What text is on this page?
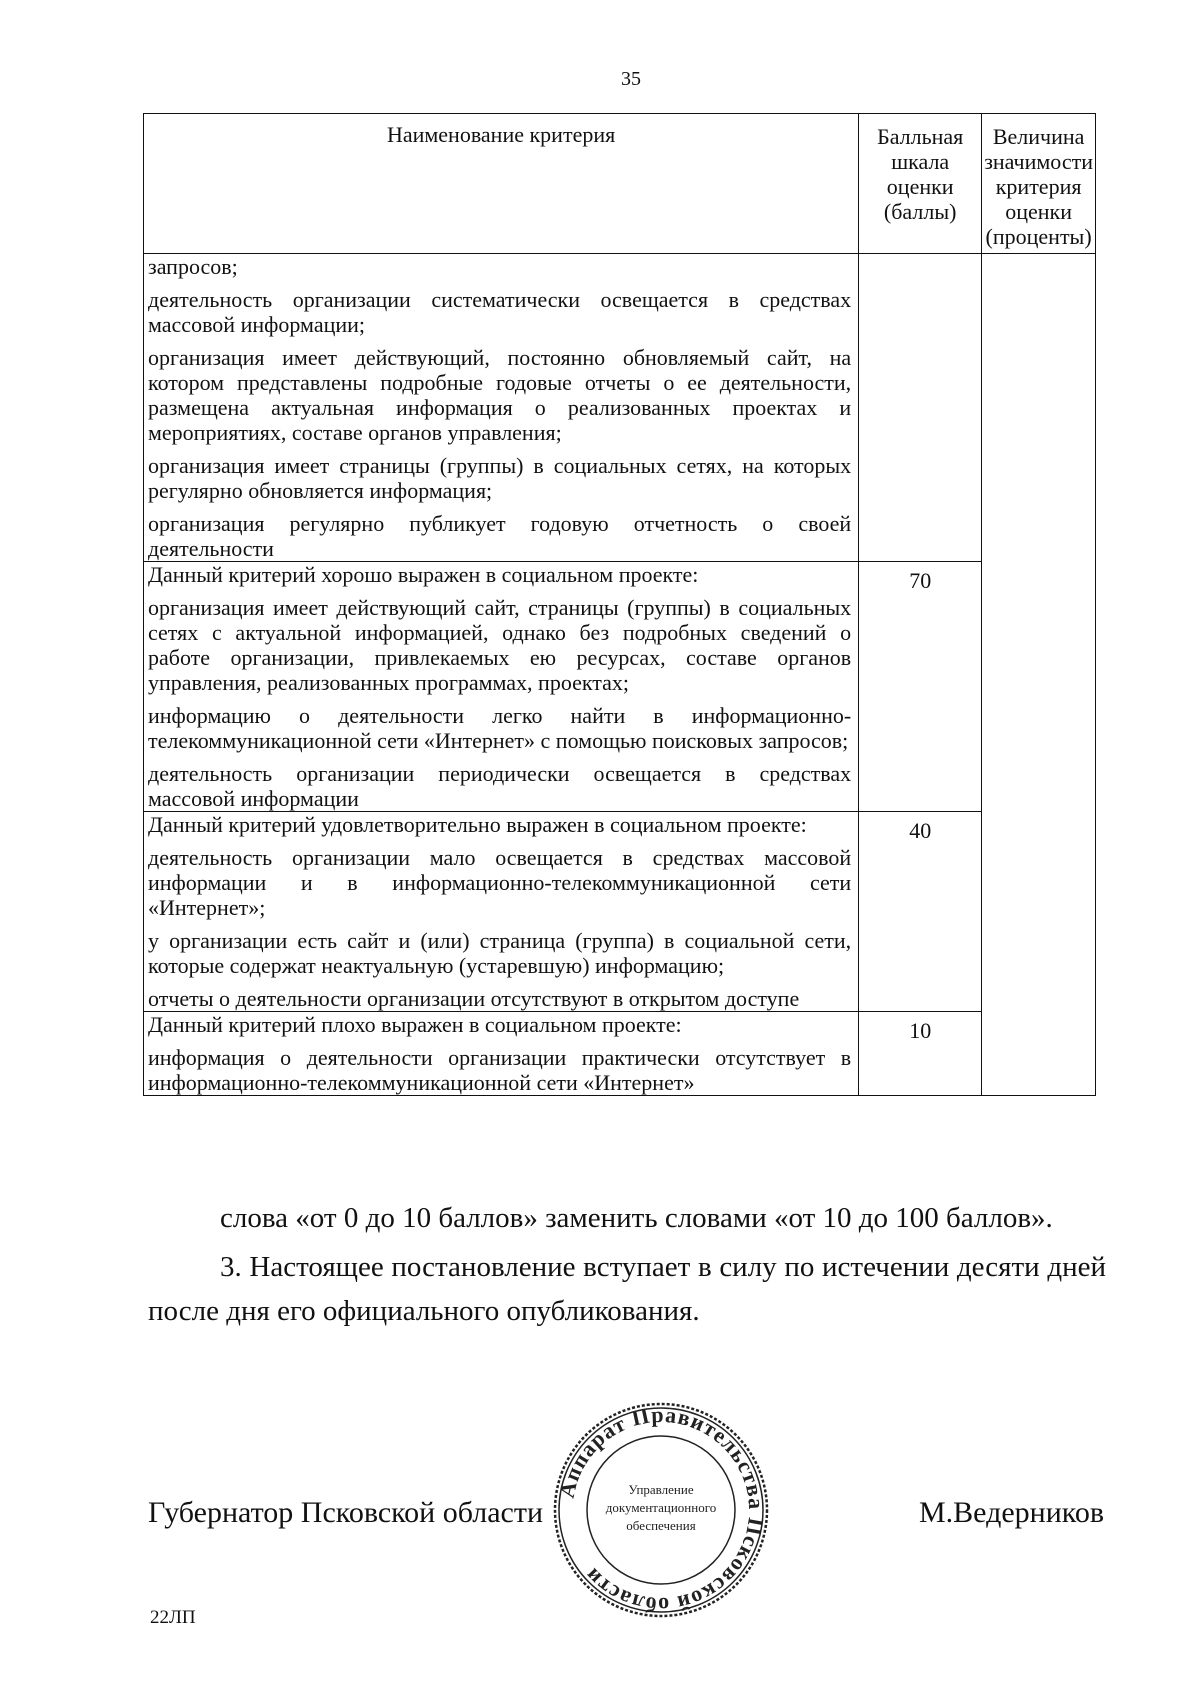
35
Наименование критерия	Балльная шкала оценки (баллы)	Величина значимости критерия оценки (проценты)

запросов;

деятельность организации систематически освещается в средствах массовой информации;

организация имеет действующий, постоянно обновляемый сайт, на котором представлены подробные годовые отчеты о ее деятельности, размещена актуальная информация о реализованных проектах и мероприятиях, составе органов управления;

организация имеет страницы (группы) в социальных сетях, на которых регулярно обновляется информация;

организация регулярно публикует годовую отчетность о своей деятельности		

Данный критерий хорошо выражен в социальном проекте:

организация имеет действующий сайт, страницы (группы) в социальных сетях с актуальной информацией, однако без подробных сведений о работе организации, привлекаемых ею ресурсах, составе органов управления, реализованных программах, проектах;

информацию о деятельности легко найти в информационно-телекоммуникационной сети «Интернет» с помощью поисковых запросов;

деятельность организации периодически освещается в средствах массовой информации	70	

Данный критерий удовлетворительно выражен в социальном проекте:

деятельность организации мало освещается в средствах массовой информации и в информационно-телекоммуникационной сети «Интернет»;

у организации есть сайт и (или) страница (группа) в социальной сети, которые содержат неактуальную (устаревшую) информацию;

отчеты о деятельности организации отсутствуют в открытом доступе	40	

Данный критерий плохо выражен в социальном проекте:

информация о деятельности организации практически отсутствует в информационно-телекоммуникационной сети «Интернет»	10	
слова «от 0 до 10 баллов» заменить словами «от 10 до 100 баллов».
3. Настоящее постановление вступает в силу по истечении десяти дней после дня его официального опубликования.
Губернатор Псковской области	М.Ведерников
Аппарат Правительства Псковской области
Управление
документационного
обеспечения
22ЛП
